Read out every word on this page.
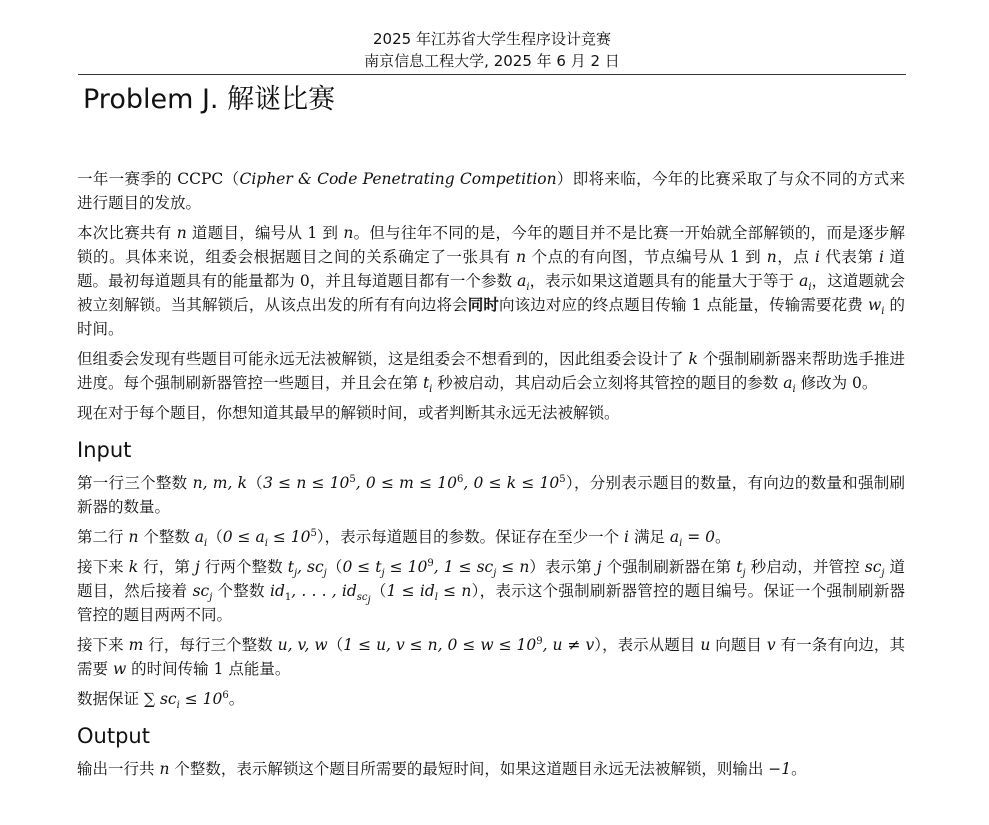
2025 年江苏省大学生程序设计竞赛
南京信息工程大学, 2025 年 6 月 2 日
Problem J. 解谜比赛

一年一赛季的 CCPC（Cipher & Code Penetrating Competition）即将来临，今年的比赛采取了与众不同的方式来进行题目的发放。

本次比赛共有 n 道题目，编号从 1 到 n。但与往年不同的是，今年的题目并不是比赛一开始就全部解锁的，而是逐步解锁的。具体来说，组委会根据题目之间的关系确定了一张具有 n 个点的有向图，节点编号从 1 到 n，点 i 代表第 i 道题。最初每道题具有的能量都为 0，并且每道题目都有一个参数 $a_i$，表示如果这道题具有的能量大于等于 $a_i$，这道题就会被立刻解锁。当其解锁后，从该点出发的所有有向边将会同时向该边对应的终点题目传输 1 点能量，传输需要花费 $w_i$ 的时间。

但组委会发现有些题目可能永远无法被解锁，这是组委会不想看到的，因此组委会设计了 k 个强制刷新器来帮助选手推进进度。每个强制刷新器管控一些题目，并且会在第 $t_i$ 秒被启动，其启动后会立刻将其管控的题目的参数 $a_i$ 修改为 0。

现在对于每个题目，你想知道其最早的解锁时间，或者判断其永远无法被解锁。

Input

第一行三个整数 n, m, $k(3 \le n \le 10^5$, $0 \le m \le 10^6$, $0 \le k \le 10^5$），分别表示题目的数量，有向边的数量和强制刷新器的数量。

第二行 n 个整数 $a_i(0 \le a_i \le 10^5)$，表示每道题目的参数。保证存在至少一个 i 满足 $a_i = 0$。

接下来 k 行，第 j 行两个整数 $t_j$, $sc_j(0 \le t_j \le 10^9$, $1 \le sc_j \le n$）表示第 j 个强制刷新器在第 $t_j$ 秒启动，并管控 $sc_j$ 道题目，然后接着 $sc_j$ 个整数 $id_1$, . . . , $id_{sc_j}(1 \le id_l \le n)$，表示这个强制刷新器管控的题目编号。保证一个强制刷新器管控的题目两两不同。

接下来 m 行，每行三个整数 u, v, w（1 ≤ u, v ≤ n, $0 \le w \le 10^9$, u ≠ v），表示从题目 u 向题目 v 有一条有向边，其需要 w 的时间传输 1 点能量。

数据保证 ∑ $sc_i \le 10^6$。

Output

输出一行共 n 个整数，表示解锁这个题目所需要的最短时间，如果这道题目永远无法被解锁，则输出 −1。
